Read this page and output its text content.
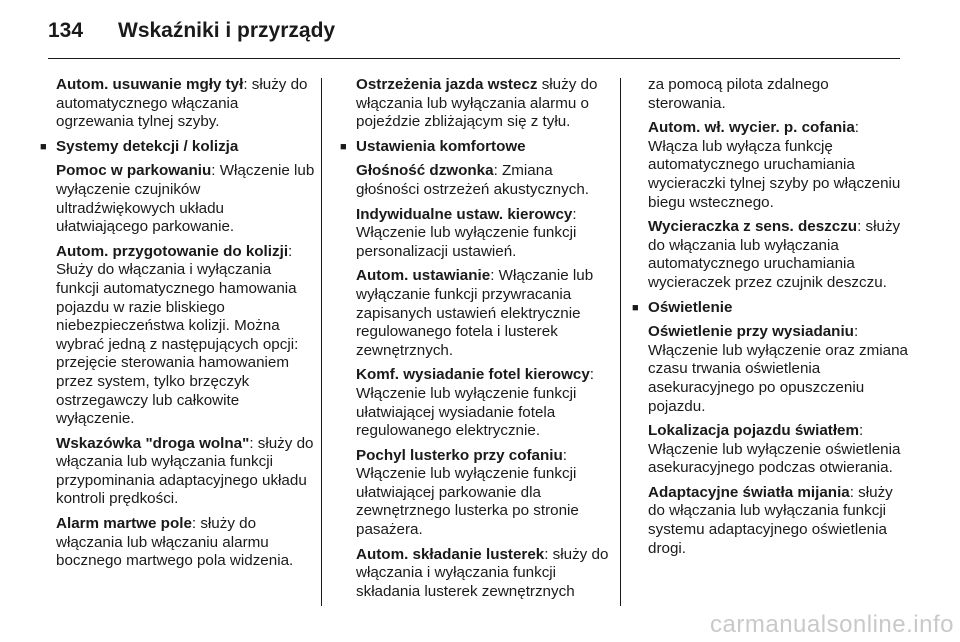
134 Wskaźniki i przyrządy

Autom. usuwanie mgły tył: służy do automatycznego włączania ogrzewania tylnej szyby.

■ Systemy detekcji / kolizja

Pomoc w parkowaniu: Włączenie lub wyłączenie czujników ultradźwiękowych układu ułatwiającego parkowanie.

Autom. przygotowanie do kolizji: Służy do włączania i wyłączania funkcji automatycznego hamowania pojazdu w razie bliskiego niebezpieczeństwa kolizji. Można wybrać jedną z następujących opcji: przejęcie sterowania hamowaniem przez system, tylko brzęczyk ostrzegawczy lub całkowite wyłączenie.

Wskazówka "droga wolna": służy do włączania lub wyłączania funkcji przypominania adaptacyjnego układu kontroli prędkości.

Alarm martwe pole: służy do włączania lub włączaniu alarmu bocznego martwego pola widzenia.

Ostrzeżenia jazda wstecz służy do włączania lub wyłączania alarmu o pojeździe zbliżającym się z tyłu.

■ Ustawienia komfortowe

Głośność dzwonka: Zmiana głośności ostrzeżeń akustycznych.

Indywidualne ustaw. kierowcy: Włączenie lub wyłączenie funkcji personalizacji ustawień.

Autom. ustawianie: Włączanie lub wyłączanie funkcji przywracania zapisanych ustawień elektrycznie regulowanego fotela i lusterek zewnętrznych.

Komf. wysiadanie fotel kierowcy: Włączenie lub wyłączenie funkcji ułatwiającej wysiadanie fotela regulowanego elektrycznie.

Pochyl lusterko przy cofaniu: Włączenie lub wyłączenie funkcji ułatwiającej parkowanie dla zewnętrznego lusterka po stronie pasażera.

Autom. składanie lusterek: służy do włączania i wyłączania funkcji składania lusterek zewnętrznych

za pomocą pilota zdalnego sterowania.

Autom. wł. wycier. p. cofania: Włącza lub wyłącza funkcję automatycznego uruchamiania wycieraczki tylnej szyby po włączeniu biegu wstecznego.

Wycieraczka z sens. deszczu: służy do włączania lub wyłączania automatycznego uruchamiania wycieraczek przez czujnik deszczu.

■ Oświetlenie

Oświetlenie przy wysiadaniu: Włączenie lub wyłączenie oraz zmiana czasu trwania oświetlenia asekuracyjnego po opuszczeniu pojazdu.

Lokalizacja pojazdu światłem: Włączenie lub wyłączenie oświetlenia asekuracyjnego podczas otwierania.

Adaptacyjne światła mijania: służy do włączania lub wyłączania funkcji systemu adaptacyjnego oświetlenia drogi.

carmanualsonline.info
